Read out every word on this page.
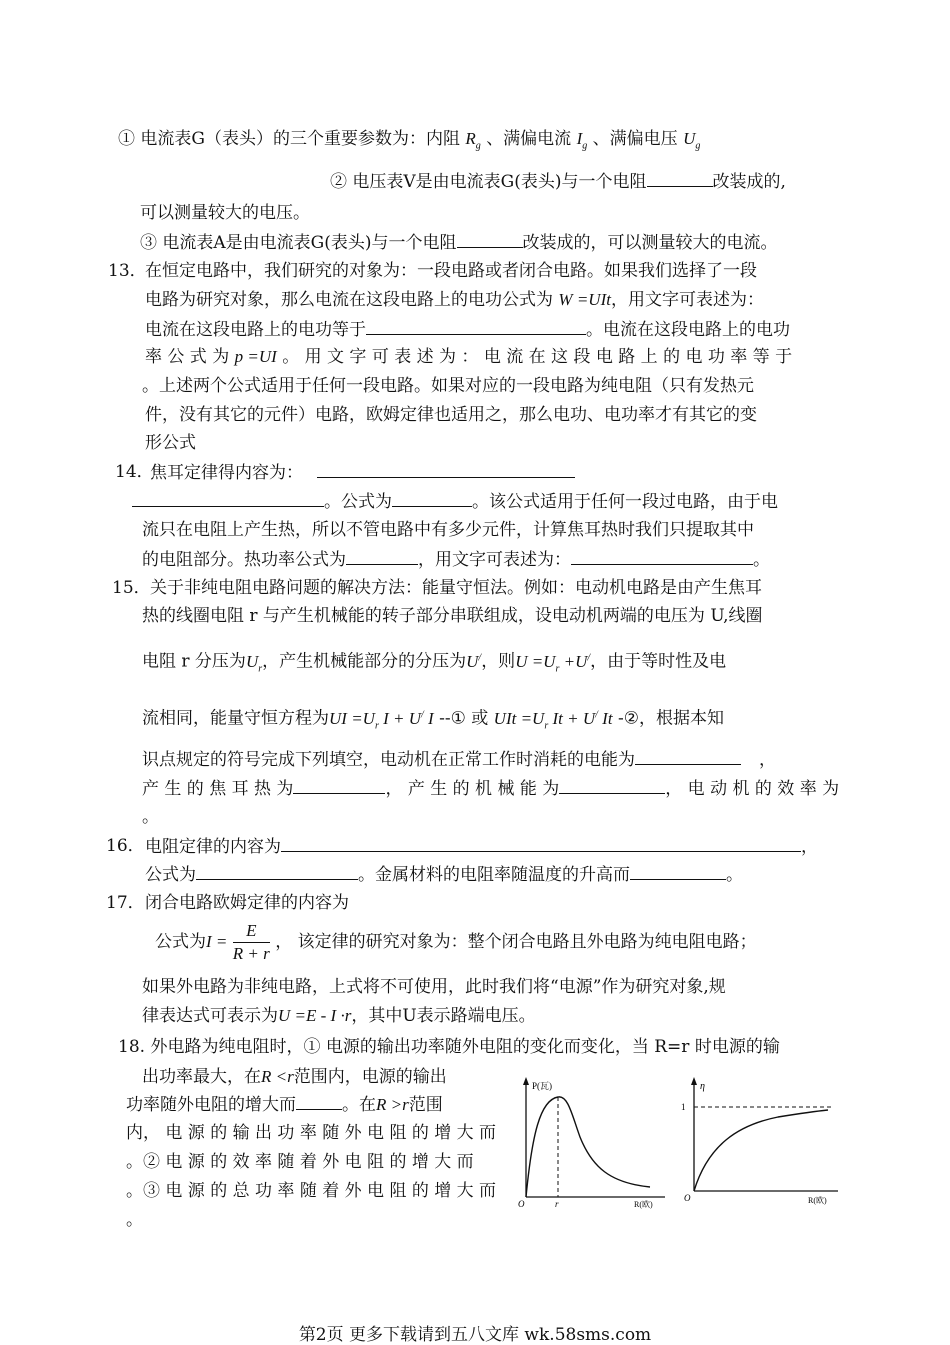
① 电流表G（表头）的三个重要参数为：内阻 $R_g$ 、满偏电流 $I_g$ 、满偏电压 $U_g$
② 电压表V是由电流表G(表头)与一个电阻	改装成的,
可以测量较大的电压。
③ 电流表A是由电流表G(表头)与一个电阻	改装成的，可以测量较大的电流。
13．
在恒定电路中，我们研究的对象为：一段电路或者闭合电路。如果我们选择了一段
电路为研究对象，那么电流在这段电路上的电功公式为 W =UIt，用文字可表述为：
电流在这段电路上的电功等于	。电流在这段电路上的电功
率 公 式 为 p =UI 。 用 文 字 可 表 述 为 ： 电 流 在 这 段 电 路 上 的 电 功 率 等 于
。上述两个公式适用于任何一段电路。如果对应的一段电路为纯电阻（只有发热元
件，没有其它的元件）电路，欧姆定律也适用之，那么电功、电功率才有其它的变
形公式
14．
焦耳定律得内容为：
。公式为	。该公式适用于任何一段过电路，由于电
流只在电阻上产生热，所以不管电路中有多少元件，计算焦耳热时我们只提取其中
的电阻部分。热功率公式为	，用文字可表述为：	。
15． 关于非纯电阻电路问题的解决方法：能量守恒法。例如：电动机电路是由产生焦耳
热的线圈电阻 r 与产生机械能的转子部分串联组成，设电动机两端的电压为 U,线圈
电阻 r 分压为$U_r$，产生机械能部分的分压为U/，则$U =U_r +U^/$，由于等时性及电
流相同，能量守恒方程为UI $=U_r$ I + U/ I --① 或 UIt $=U_r$ It + U/ It -②，根据本知
识点规定的符号完成下列填空，电动机在正常工作时消耗的电能为	，
产 生 的 焦 耳 热 为	， 产 生 的 机 械 能 为	， 电 动 机 的 效 率 为
。
16． 电阻定律的内容为	，
公式为	。金属材料的电阻率随温度的升高而	。
17． 闭合电路欧姆定律的内容为
公式为$I = \frac{E}{R + r}$ ， 该定律的研究对象为：整个闭合电路且外电路为纯电阻电路；
如果外电路为非纯电路，上式将不可使用，此时我们将“电源”作为研究对象,规
律表达式可表示为U =E - I ·r，其中U表示路端电压。
18. 外电路为纯电阻时，① 电源的输出功率随外电阻的变化而变化，当 R=r 时电源的输
出功率最大，在R <r范围内，电源的输出
功率随外电阻的增大而	。在R >r范围
内， 电 源 的 输 出 功 率 随 外 电 阻 的 增 大 而
。② 电 源 的 效 率 随 着 外 电 阻 的 增 大 而
。③ 电 源 的 总 功 率 随 着 外 电 阻 的 增 大 而
。
P(瓦)
O	r	R(欧)
η
1
O	R(欧)
第2页 更多下载请到五八文库 wk.58sms.com
